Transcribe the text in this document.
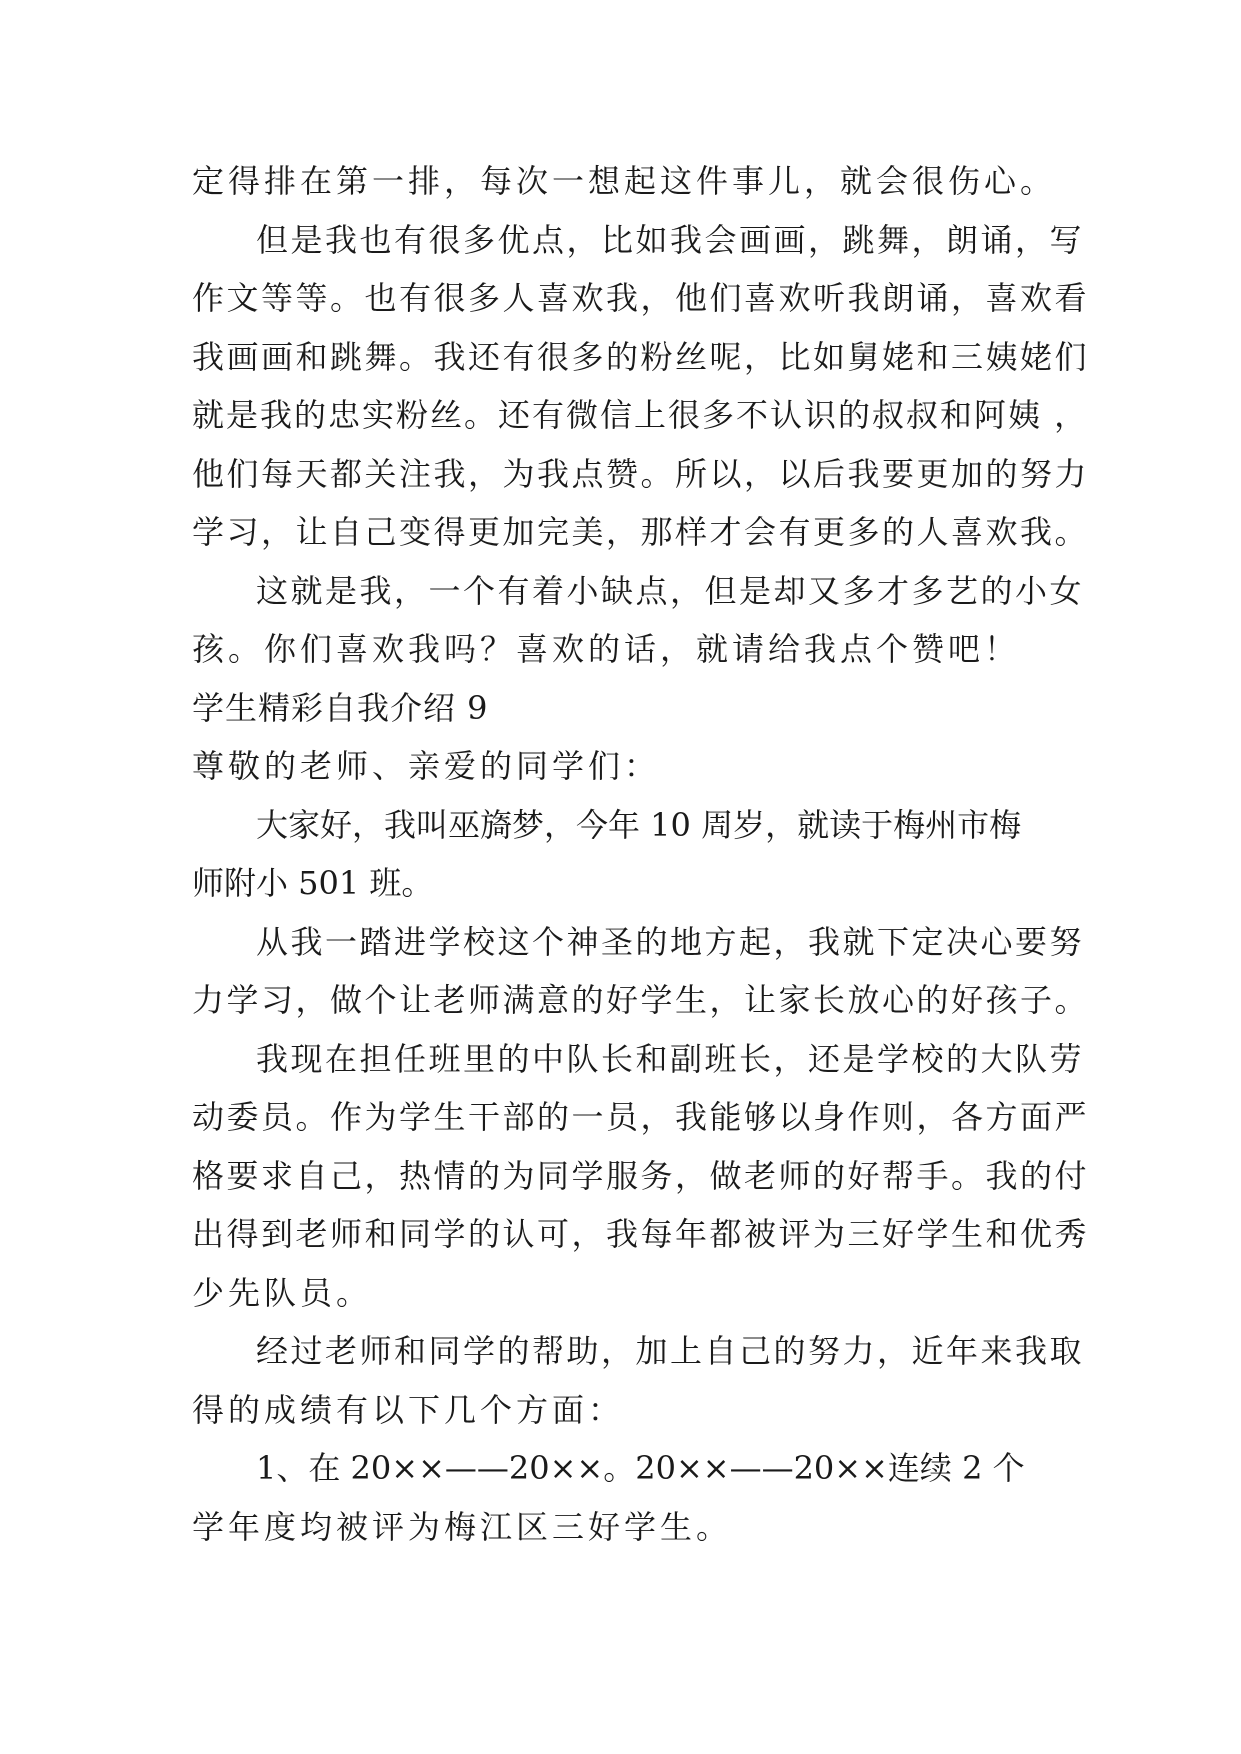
定得排在第一排，每次一想起这件事儿，就会很伤心。
但是我也有很多优点，比如我会画画，跳舞，朗诵，写
作文等等。也有很多人喜欢我，他们喜欢听我朗诵，喜欢看
我画画和跳舞。我还有很多的粉丝呢，比如舅姥和三姨姥们
就是我的忠实粉丝。还有微信上很多不认识的叔叔和阿姨 ，
他们每天都关注我，为我点赞。所以，以后我要更加的努力
学习，让自己变得更加完美，那样才会有更多的人喜欢我。
这就是我，一个有着小缺点，但是却又多才多艺的小女
孩。你们喜欢我吗？喜欢的话，就请给我点个赞吧！
学生精彩自我介绍 9
尊敬的老师、亲爱的同学们：
大家好，我叫巫旖梦，今年 10 周岁，就读于梅州市梅
师附小 501 班。
从我一踏进学校这个神圣的地方起，我就下定决心要努
力学习，做个让老师满意的好学生，让家长放心的好孩子。
我现在担任班里的中队长和副班长，还是学校的大队劳
动委员。作为学生干部的一员，我能够以身作则，各方面严
格要求自己，热情的为同学服务，做老师的好帮手。我的付
出得到老师和同学的认可，我每年都被评为三好学生和优秀
少先队员。
经过老师和同学的帮助，加上自己的努力，近年来我取
得的成绩有以下几个方面：
1、在 20××——20××。20××——20××连续 2 个
学年度均被评为梅江区三好学生。
